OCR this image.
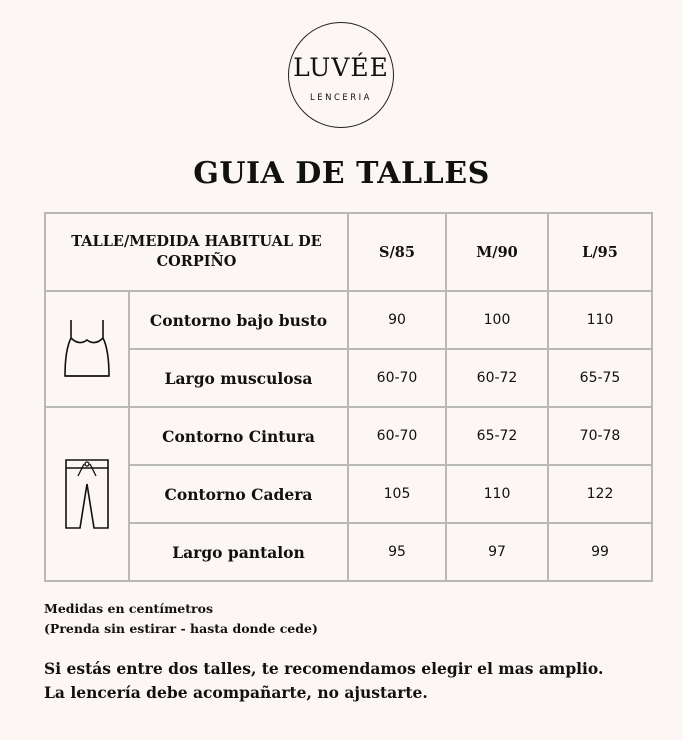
LUVÉE
LENCERIA
GUIA DE TALLES
TALLE/MEDIDA HABITUAL DE CORPIÑO		S/85	M/90	L/95

	Contorno bajo busto	90	100	110
	Largo musculosa	60-70	60-72	65-75

	Contorno Cintura	60-70	65-72	70-78
	Contorno Cadera	105	110	122
	Largo pantalon	95	97	99
Medidas en centímetros
(Prenda sin estirar - hasta donde cede)
Si estás entre dos talles, te recomendamos elegir el mas amplio.
La lencería debe acompañarte, no ajustarte.
